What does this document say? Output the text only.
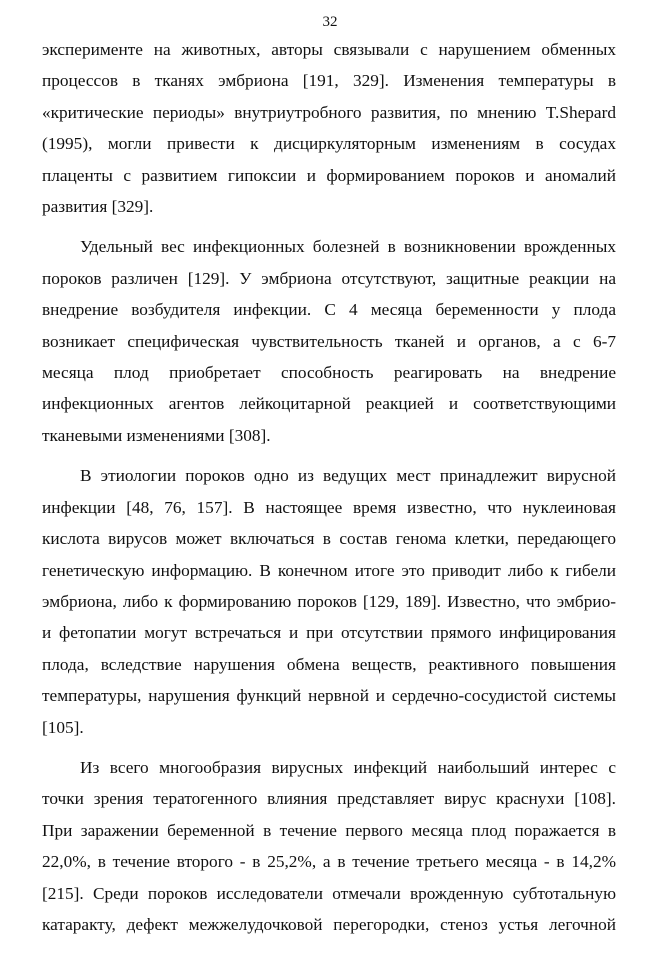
32
эксперименте на животных, авторы связывали с нарушением обменных
процессов в тканях эмбриона [191, 329]. Изменения температуры в
«критические периоды» внутриутробного развития, по мнению T.Shepard
(1995), могли привести к дисциркуляторным изменениям в сосудах
плаценты с развитием гипоксии и формированием пороков и аномалий
развития [329].
Удельный вес инфекционных болезней в возникновении врожденных
пороков различен [129]. У эмбриона отсутствуют, защитные реакции на
внедрение возбудителя инфекции. С 4 месяца беременности у плода
возникает специфическая чувствительность тканей и органов, а с 6-7
месяца плод приобретает способность реагировать на внедрение
инфекционных агентов лейкоцитарной реакцией и соответствующими
тканевыми изменениями [308].
В этиологии пороков одно из ведущих мест принадлежит вирусной
инфекции [48, 76, 157]. В настоящее время известно, что нуклеиновая
кислота вирусов может включаться в состав генома клетки, передающего
генетическую информацию. В конечном итоге это приводит либо к гибели
эмбриона, либо к формированию пороков [129, 189]. Известно, что эмбрио-
и фетопатии могут встречаться и при отсутствии прямого инфицирования
плода, вследствие нарушения обмена веществ, реактивного повышения
температуры, нарушения функций нервной и сердечно-сосудистой системы
[105].
Из всего многообразия вирусных инфекций наибольший интерес с
точки зрения тератогенного влияния представляет вирус краснухи [108].
При заражении беременной в течение первого месяца плод поражается в
22,0%, в течение второго - в 25,2%, а в течение третьего месяца - в 14,2%
[215]. Среди пороков исследователи отмечали врожденную субтотальную
катаракту, дефект межжелудочковой перегородки, стеноз устья легочной
